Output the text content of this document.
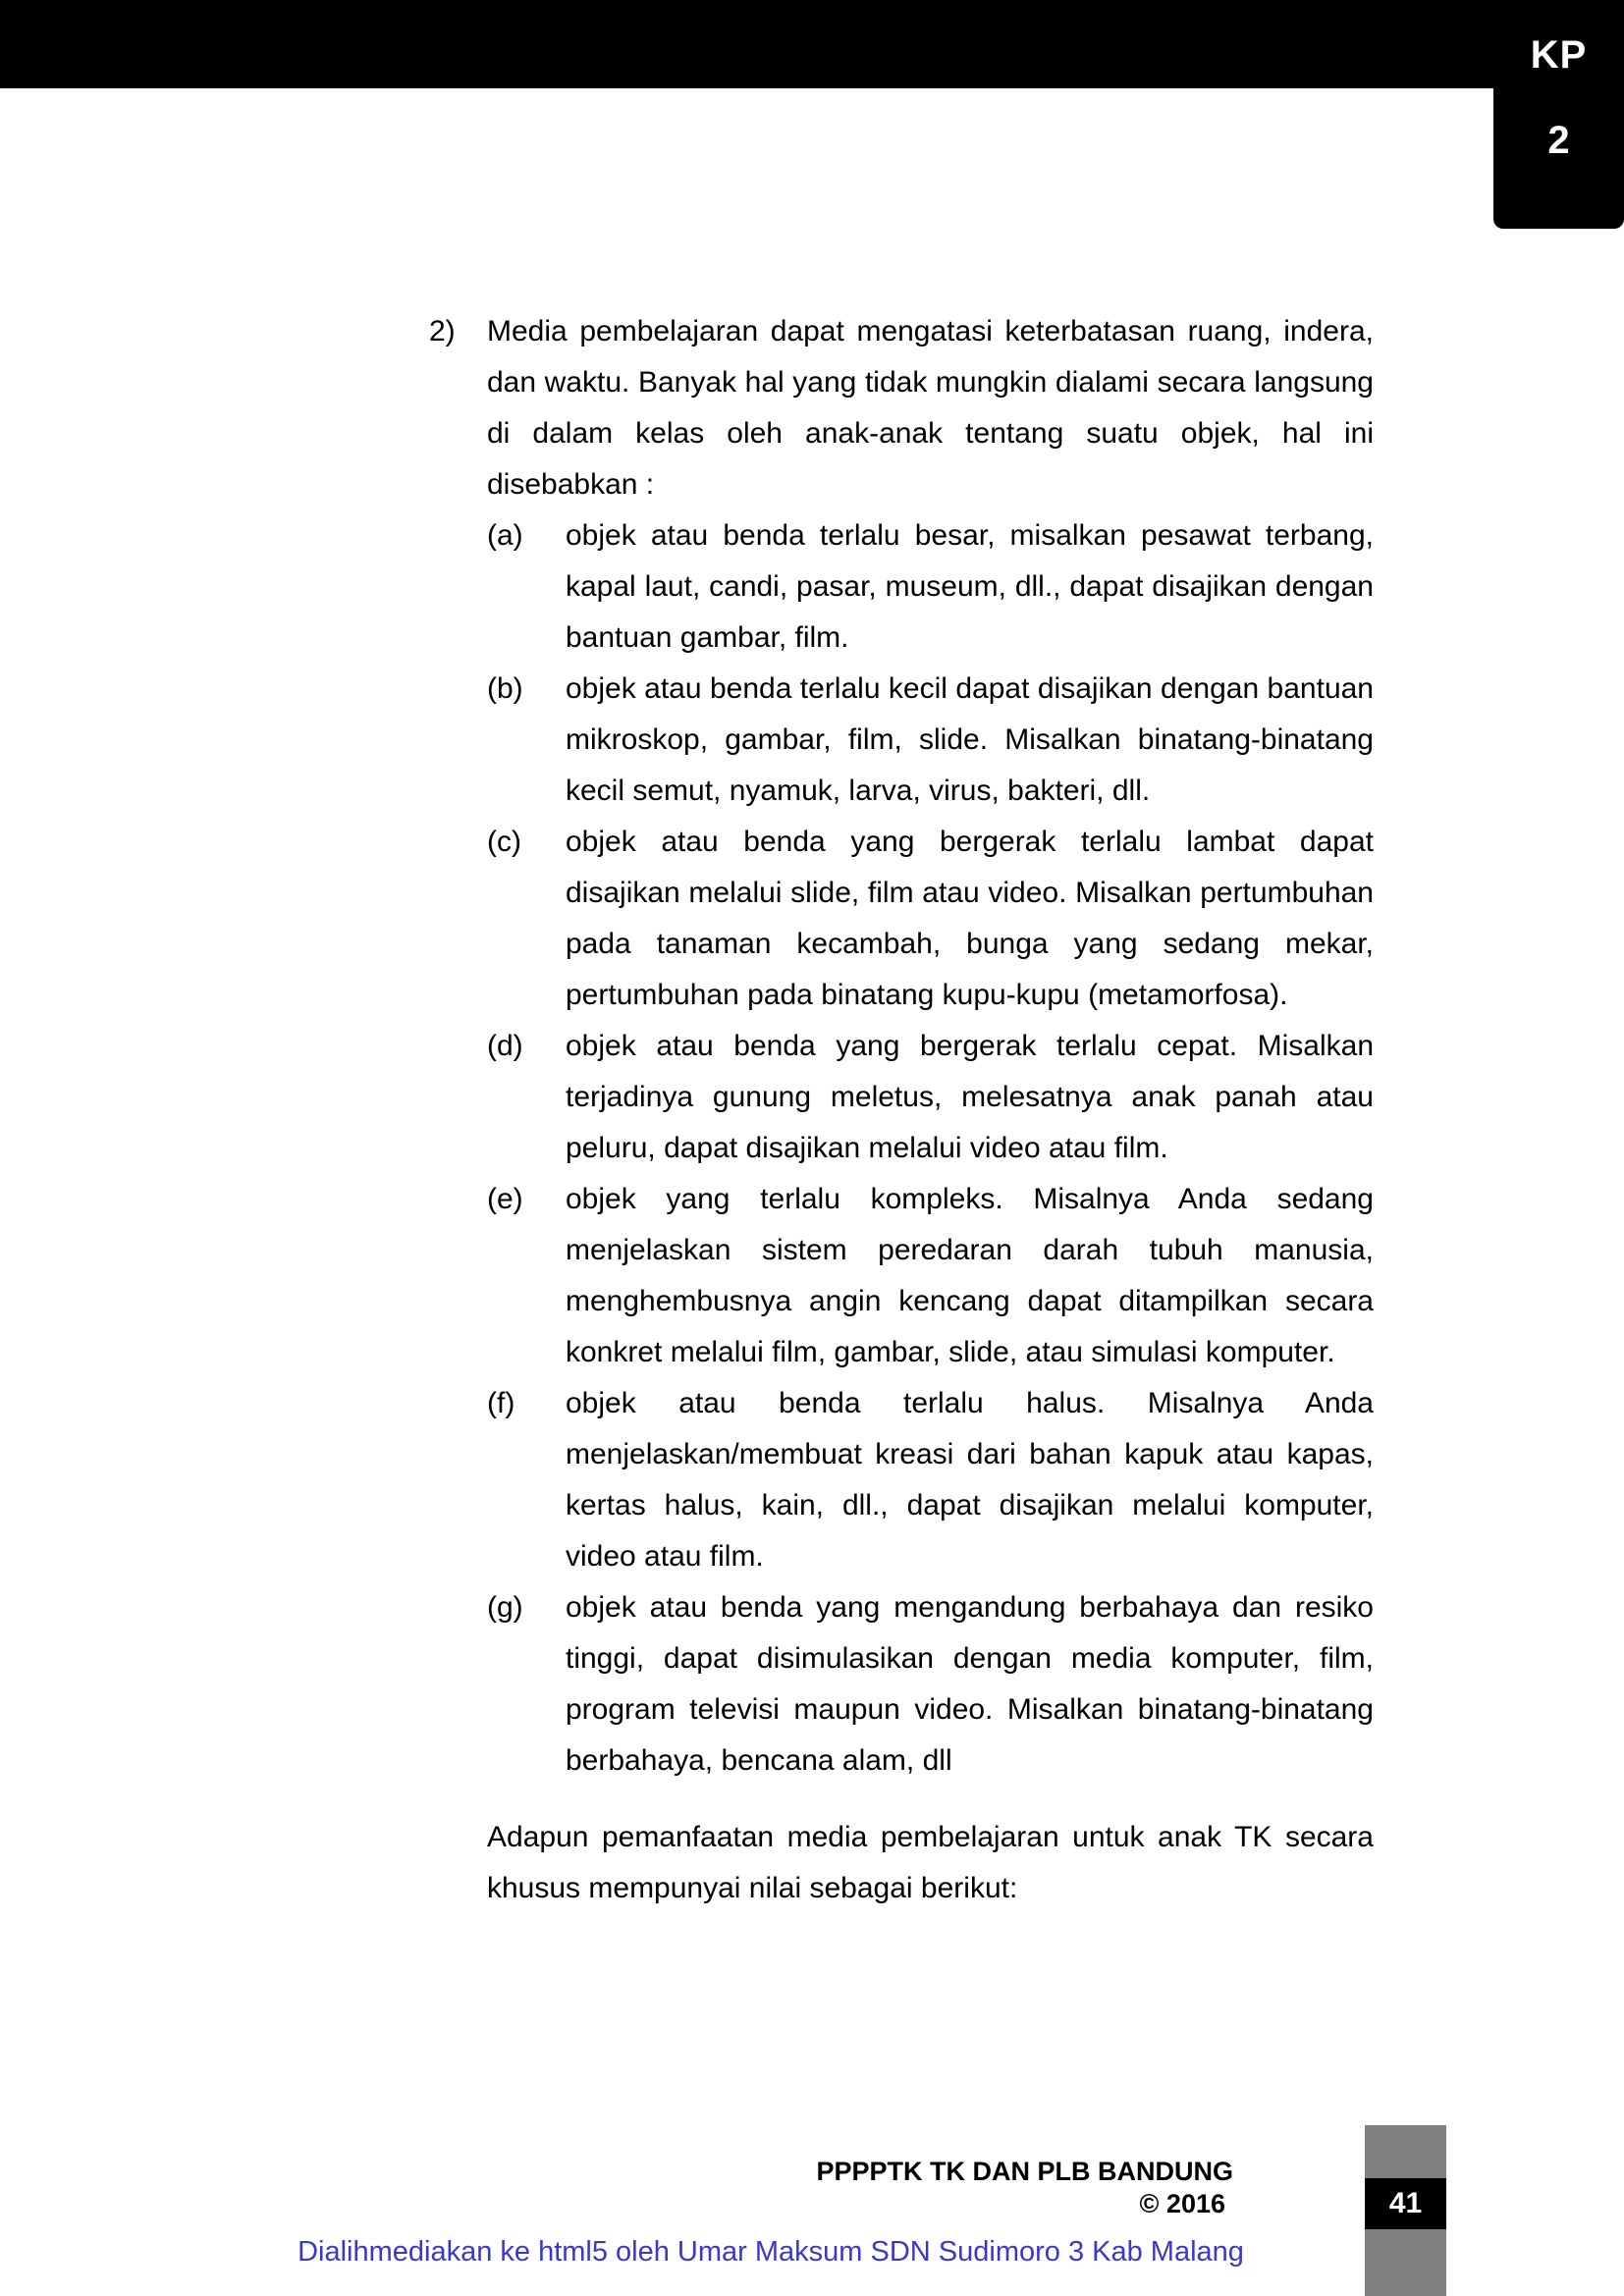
KP
2
2)	Media pembelajaran dapat mengatasi keterbatasan ruang, indera, dan waktu. Banyak hal yang tidak mungkin dialami secara langsung di dalam kelas oleh anak-anak tentang suatu objek, hal ini disebabkan :
(a)	objek atau benda terlalu besar, misalkan pesawat terbang, kapal laut, candi, pasar, museum, dll., dapat disajikan dengan bantuan gambar, film.
(b)	objek atau benda terlalu kecil dapat disajikan dengan bantuan mikroskop, gambar, film, slide. Misalkan binatang-binatang kecil semut, nyamuk, larva, virus, bakteri, dll.
(c)	objek atau benda yang bergerak terlalu lambat dapat disajikan melalui slide, film atau video. Misalkan pertumbuhan pada tanaman kecambah, bunga yang sedang mekar, pertumbuhan pada binatang kupu-kupu (metamorfosa).
(d)	objek atau benda yang bergerak terlalu cepat. Misalkan terjadinya gunung meletus, melesatnya anak panah atau peluru, dapat disajikan melalui video atau film.
(e)	objek yang terlalu kompleks. Misalnya Anda sedang menjelaskan sistem peredaran darah tubuh manusia, menghembusnya angin kencang dapat ditampilkan secara konkret melalui film, gambar, slide, atau simulasi komputer.
(f)	objek atau benda terlalu halus. Misalnya Anda menjelaskan/membuat kreasi dari bahan kapuk atau kapas, kertas halus, kain, dll., dapat disajikan melalui komputer, video atau film.
(g)	objek atau benda yang mengandung berbahaya dan resiko tinggi, dapat disimulasikan dengan media komputer, film, program televisi maupun video. Misalkan binatang-binatang berbahaya, bencana alam, dll
Adapun pemanfaatan media pembelajaran untuk anak TK secara khusus mempunyai nilai sebagai berikut:
PPPPTK TK DAN PLB BANDUNG
© 2016	41
Dialihmediakan ke html5 oleh Umar Maksum SDN Sudimoro 3 Kab Malang
